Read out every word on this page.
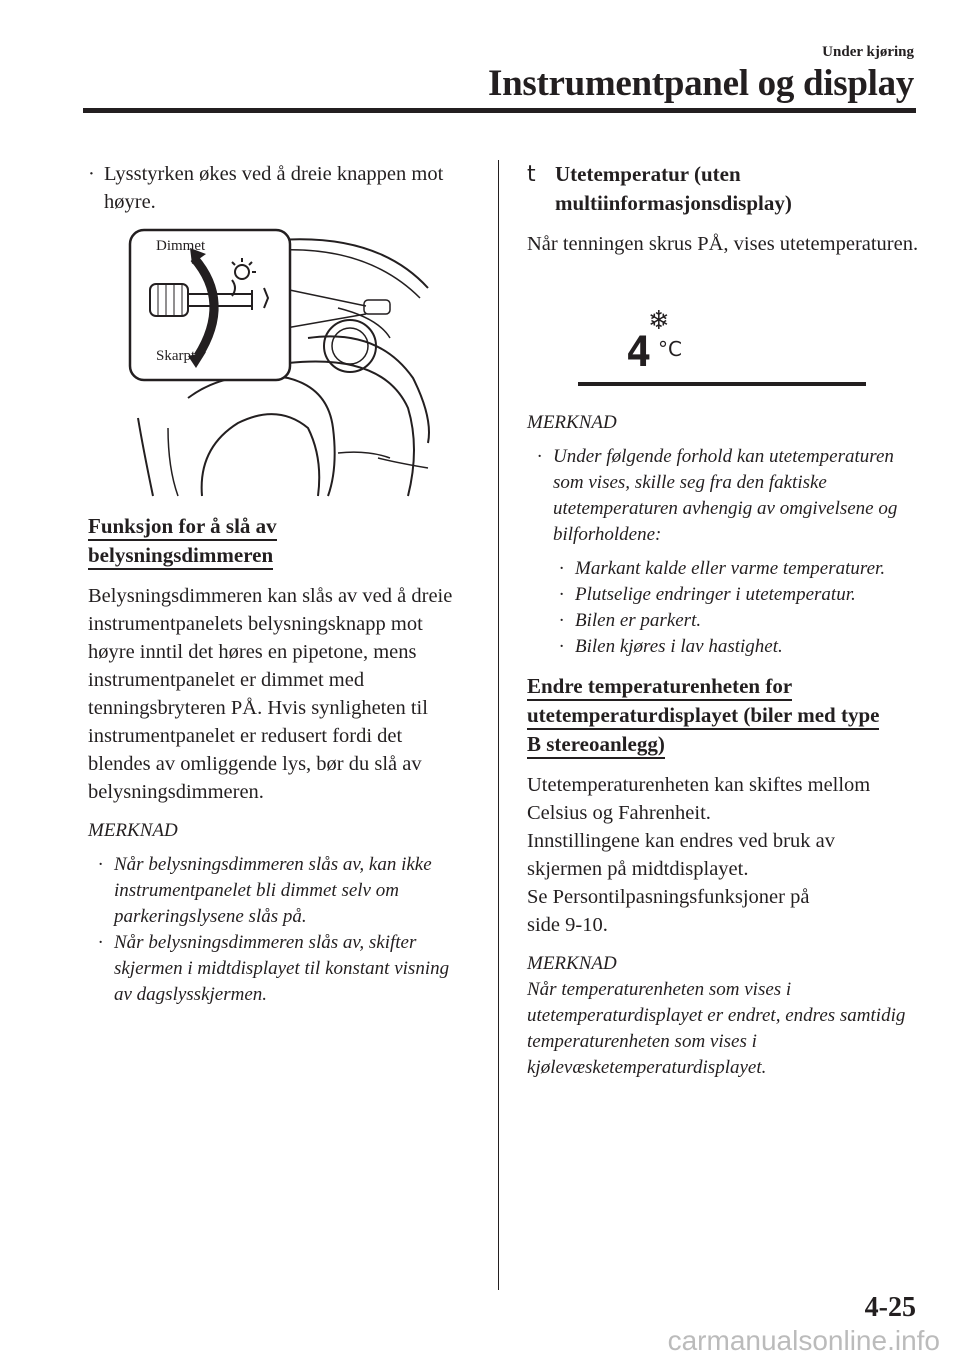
Under kjøring
Instrumentpanel og display

· Lysstyrken økes ved å dreie knappen mot høyre.

Dimmet
Skarpt

Funksjon for å slå av
belysningsdimmeren

Belysningsdimmeren kan slås av ved å dreie instrumentpanelets belysningsknapp mot høyre inntil det høres en pipetone, mens instrumentpanelet er dimmet med tenningsbryteren PÅ. Hvis synligheten til instrumentpanelet er redusert fordi det blendes av omliggende lys, bør du slå av belysningsdimmeren.

MERKNAD

· Når belysningsdimmeren slås av, kan ikke instrumentpanelet bli dimmet selv om parkeringslysene slås på.

· Når belysningsdimmeren slås av, skifter skjermen i midtdisplayet til konstant visning av dagslysskjermen.

t Utetemperatur (uten
multiinformasjonsdisplay)

Når tenningen skrus PÅ, vises utetemperaturen.

❄
4 °C

MERKNAD

· Under følgende forhold kan utetemperaturen som vises, skille seg fra den faktiske utetemperaturen avhengig av omgivelsene og bilforholdene:

· Markant kalde eller varme temperaturer.

· Plutselige endringer i utetemperatur.

· Bilen er parkert.

· Bilen kjøres i lav hastighet.

Endre temperaturenheten for
utetemperaturdisplayet (biler med type
B stereoanlegg)

Utetemperaturenheten kan skiftes mellom

Celsius og Fahrenheit.

Innstillingene kan endres ved bruk av

skjermen på midtdisplayet.

Se Persontilpasningsfunksjoner på

side 9-10.

MERKNAD

Når temperaturenheten som vises i utetemperaturdisplayet er endret, endres samtidig temperaturenheten som vises i kjølevæsketemperaturdisplayet.

4-25
carmanualsonline.info
